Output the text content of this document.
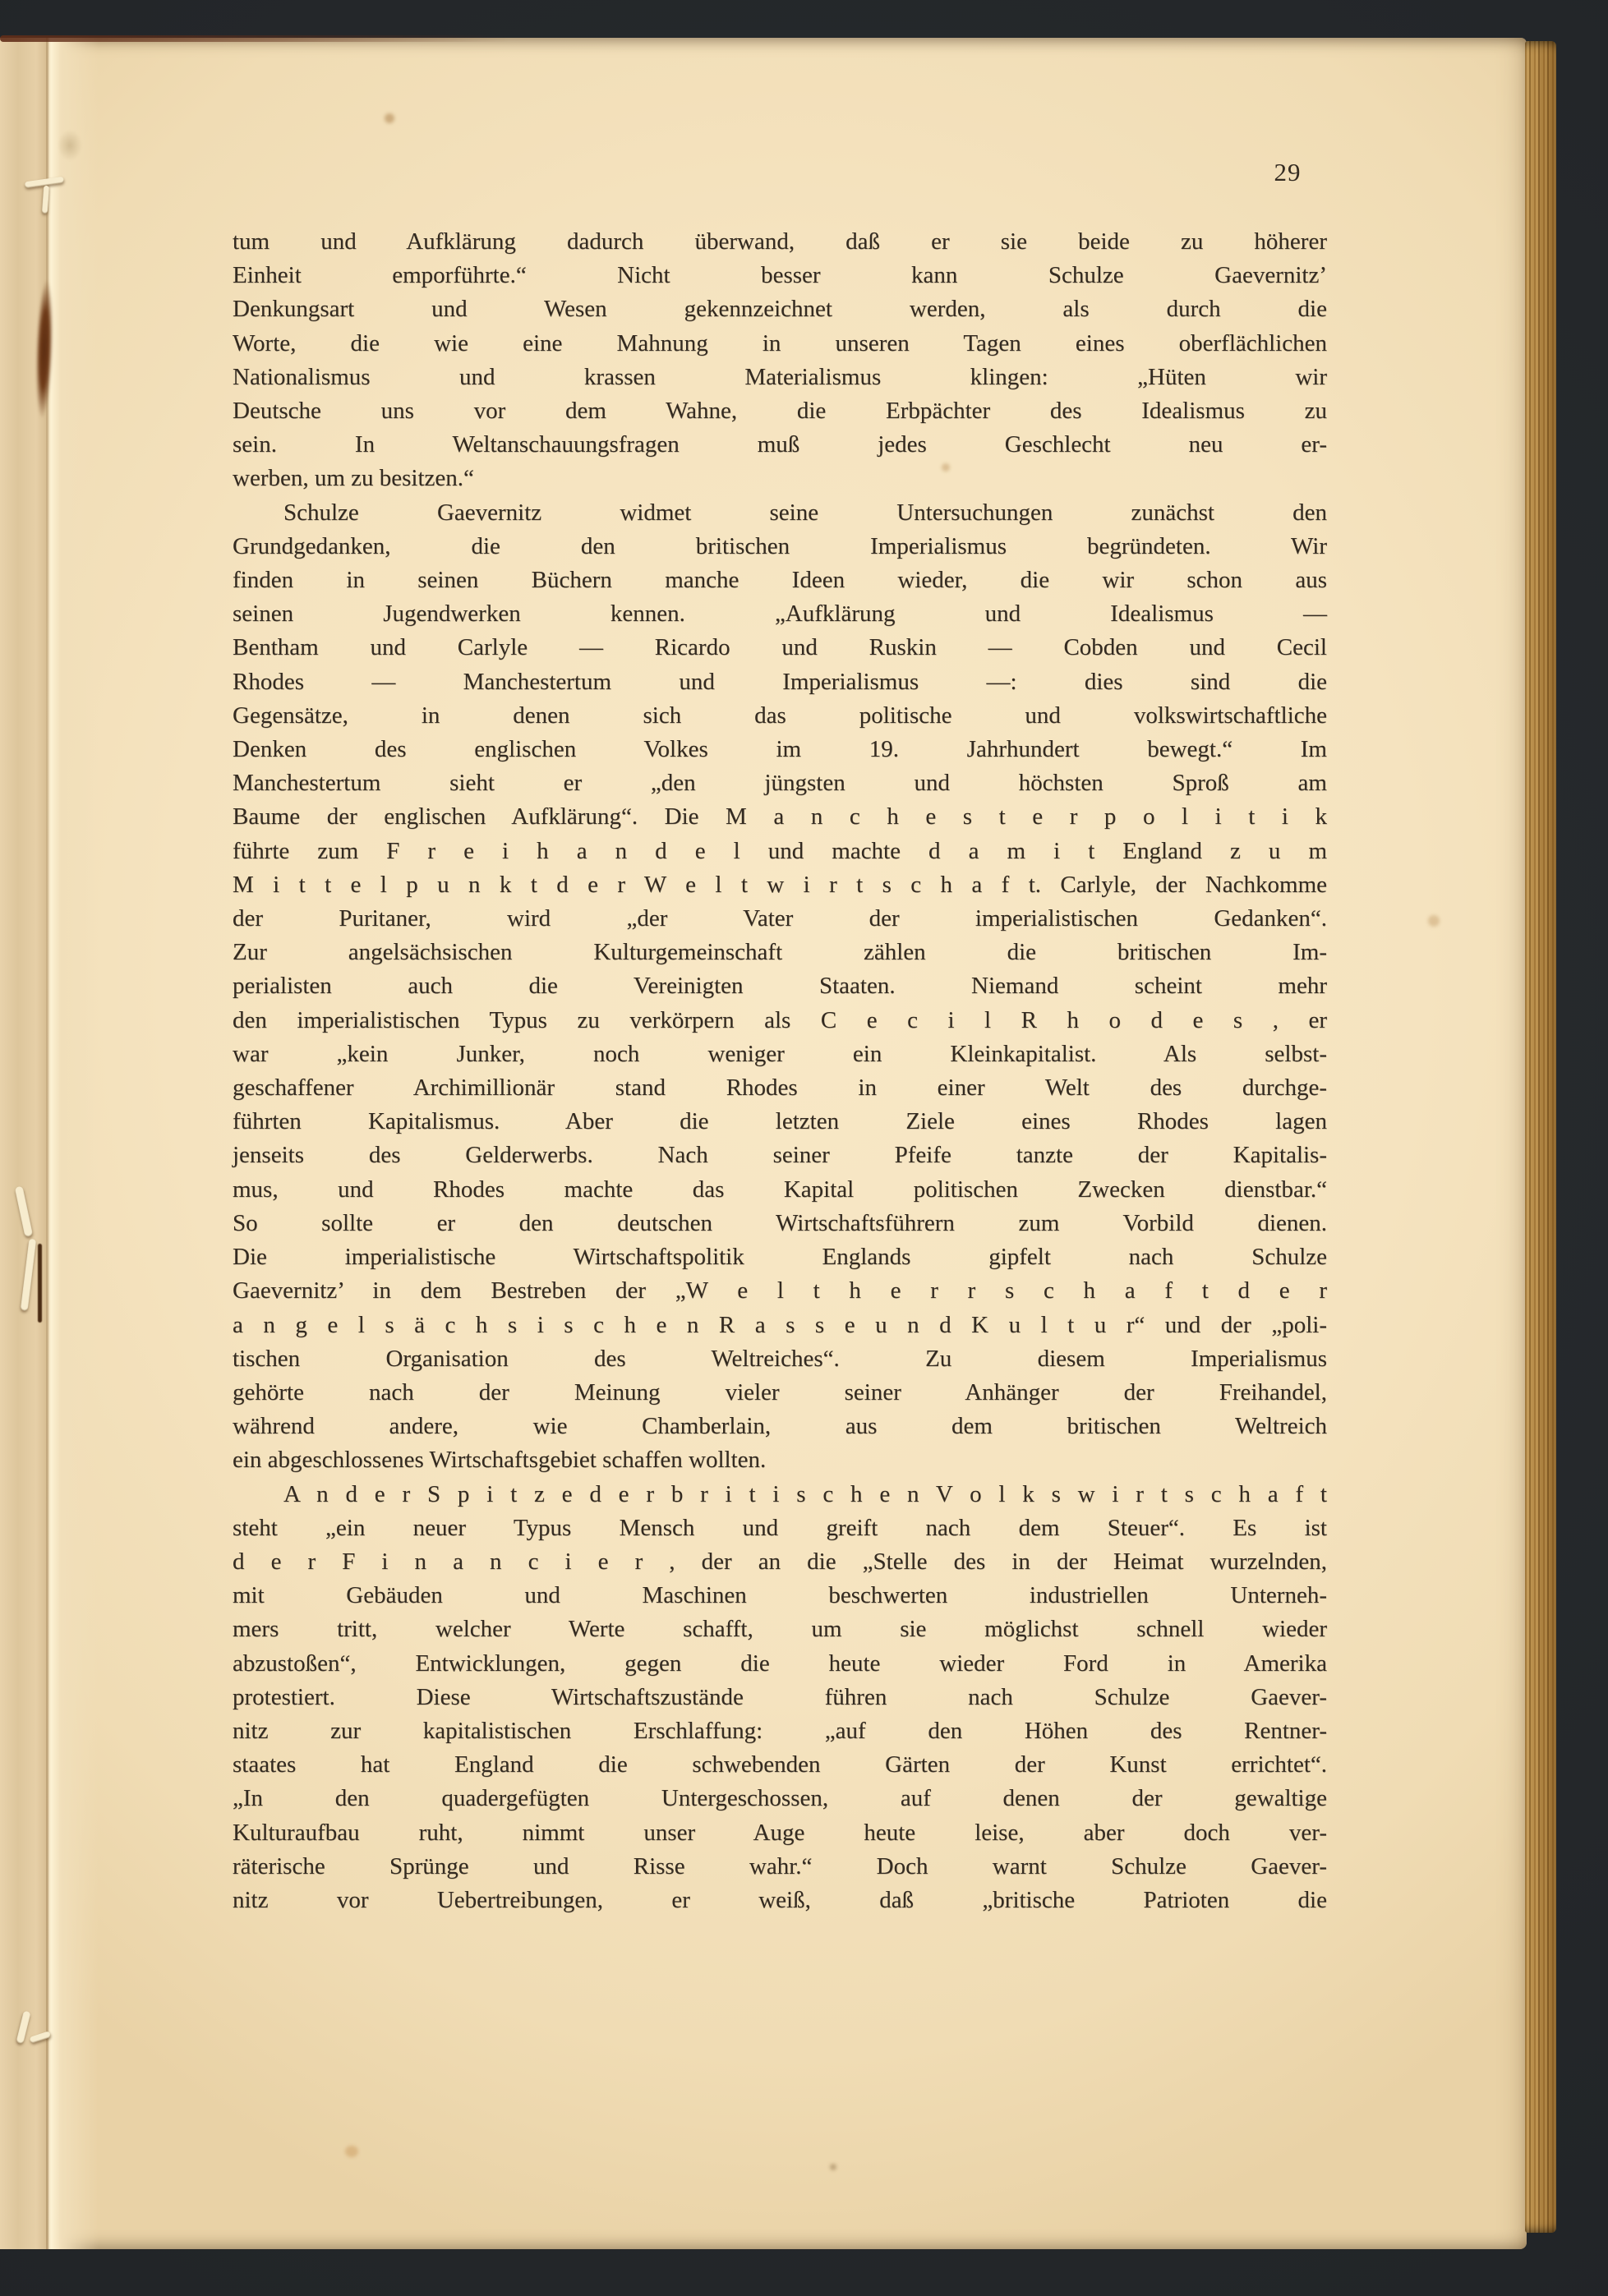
29
tum und Aufklärung dadurch überwand, daß er sie beide zu höherer
Einheit emporführte.“ Nicht besser kann Schulze Gaevernitz’
Denkungsart und Wesen gekennzeichnet werden, als durch die
Worte, die wie eine Mahnung in unseren Tagen eines oberflächlichen
Nationalismus und krassen Materialismus klingen: „Hüten wir
Deutsche uns vor dem Wahne, die Erbpächter des Idealismus zu
sein. In Weltanschauungsfragen muß jedes Geschlecht neu er-
werben, um zu besitzen.“
Schulze Gaevernitz widmet seine Untersuchungen zunächst den
Grundgedanken, die den britischen Imperialismus begründeten. Wir
finden in seinen Büchern manche Ideen wieder, die wir schon aus
seinen Jugendwerken kennen. „Aufklärung und Idealismus —
Bentham und Carlyle — Ricardo und Ruskin — Cobden und Cecil
Rhodes — Manchestertum und Imperialismus —: dies sind die
Gegensätze, in denen sich das politische und volkswirtschaftliche
Denken des englischen Volkes im 19. Jahrhundert bewegt.“ Im
Manchestertum sieht er „den jüngsten und höchsten Sproß am
Baume der englischen Aufklärung“. Die M a n c h e s t e r p o l i t i k
führte zum F r e i h a n d e l und machte d a m i t England z u m
M i t t e l p u n k t d e r W e l t w i r t s c h a f t. Carlyle, der Nachkomme
der Puritaner, wird „der Vater der imperialistischen Gedanken“.
Zur angelsächsischen Kulturgemeinschaft zählen die britischen Im-
perialisten auch die Vereinigten Staaten. Niemand scheint mehr
den imperialistischen Typus zu verkörpern als C e c i l R h o d e s , er
war „kein Junker, noch weniger ein Kleinkapitalist. Als selbst-
geschaffener Archimillionär stand Rhodes in einer Welt des durchge-
führten Kapitalismus. Aber die letzten Ziele eines Rhodes lagen
jenseits des Gelderwerbs. Nach seiner Pfeife tanzte der Kapitalis-
mus, und Rhodes machte das Kapital politischen Zwecken dienstbar.“
So sollte er den deutschen Wirtschaftsführern zum Vorbild dienen.
Die imperialistische Wirtschaftspolitik Englands gipfelt nach Schulze
Gaevernitz’ in dem Bestreben der „W e l t h e r r s c h a f t d e r
a n g e l s ä c h s i s c h e n R a s s e u n d K u l t u r“ und der „poli-
tischen Organisation des Weltreiches“. Zu diesem Imperialismus
gehörte nach der Meinung vieler seiner Anhänger der Freihandel,
während andere, wie Chamberlain, aus dem britischen Weltreich
ein abgeschlossenes Wirtschaftsgebiet schaffen wollten.
A n d e r S p i t z e d e r b r i t i s c h e n V o l k s w i r t s c h a f t
steht „ein neuer Typus Mensch und greift nach dem Steuer“. Es ist
d e r F i n a n c i e r , der an die „Stelle des in der Heimat wurzelnden,
mit Gebäuden und Maschinen beschwerten industriellen Unterneh-
mers tritt, welcher Werte schafft, um sie möglichst schnell wieder
abzustoßen“, Entwicklungen, gegen die heute wieder Ford in Amerika
protestiert. Diese Wirtschaftszustände führen nach Schulze Gaever-
nitz zur kapitalistischen Erschlaffung: „auf den Höhen des Rentner-
staates hat England die schwebenden Gärten der Kunst errichtet“.
„In den quadergefügten Untergeschossen, auf denen der gewaltige
Kulturaufbau ruht, nimmt unser Auge heute leise, aber doch ver-
räterische Sprünge und Risse wahr.“ Doch warnt Schulze Gaever-
nitz vor Uebertreibungen, er weiß, daß „britische Patrioten die
